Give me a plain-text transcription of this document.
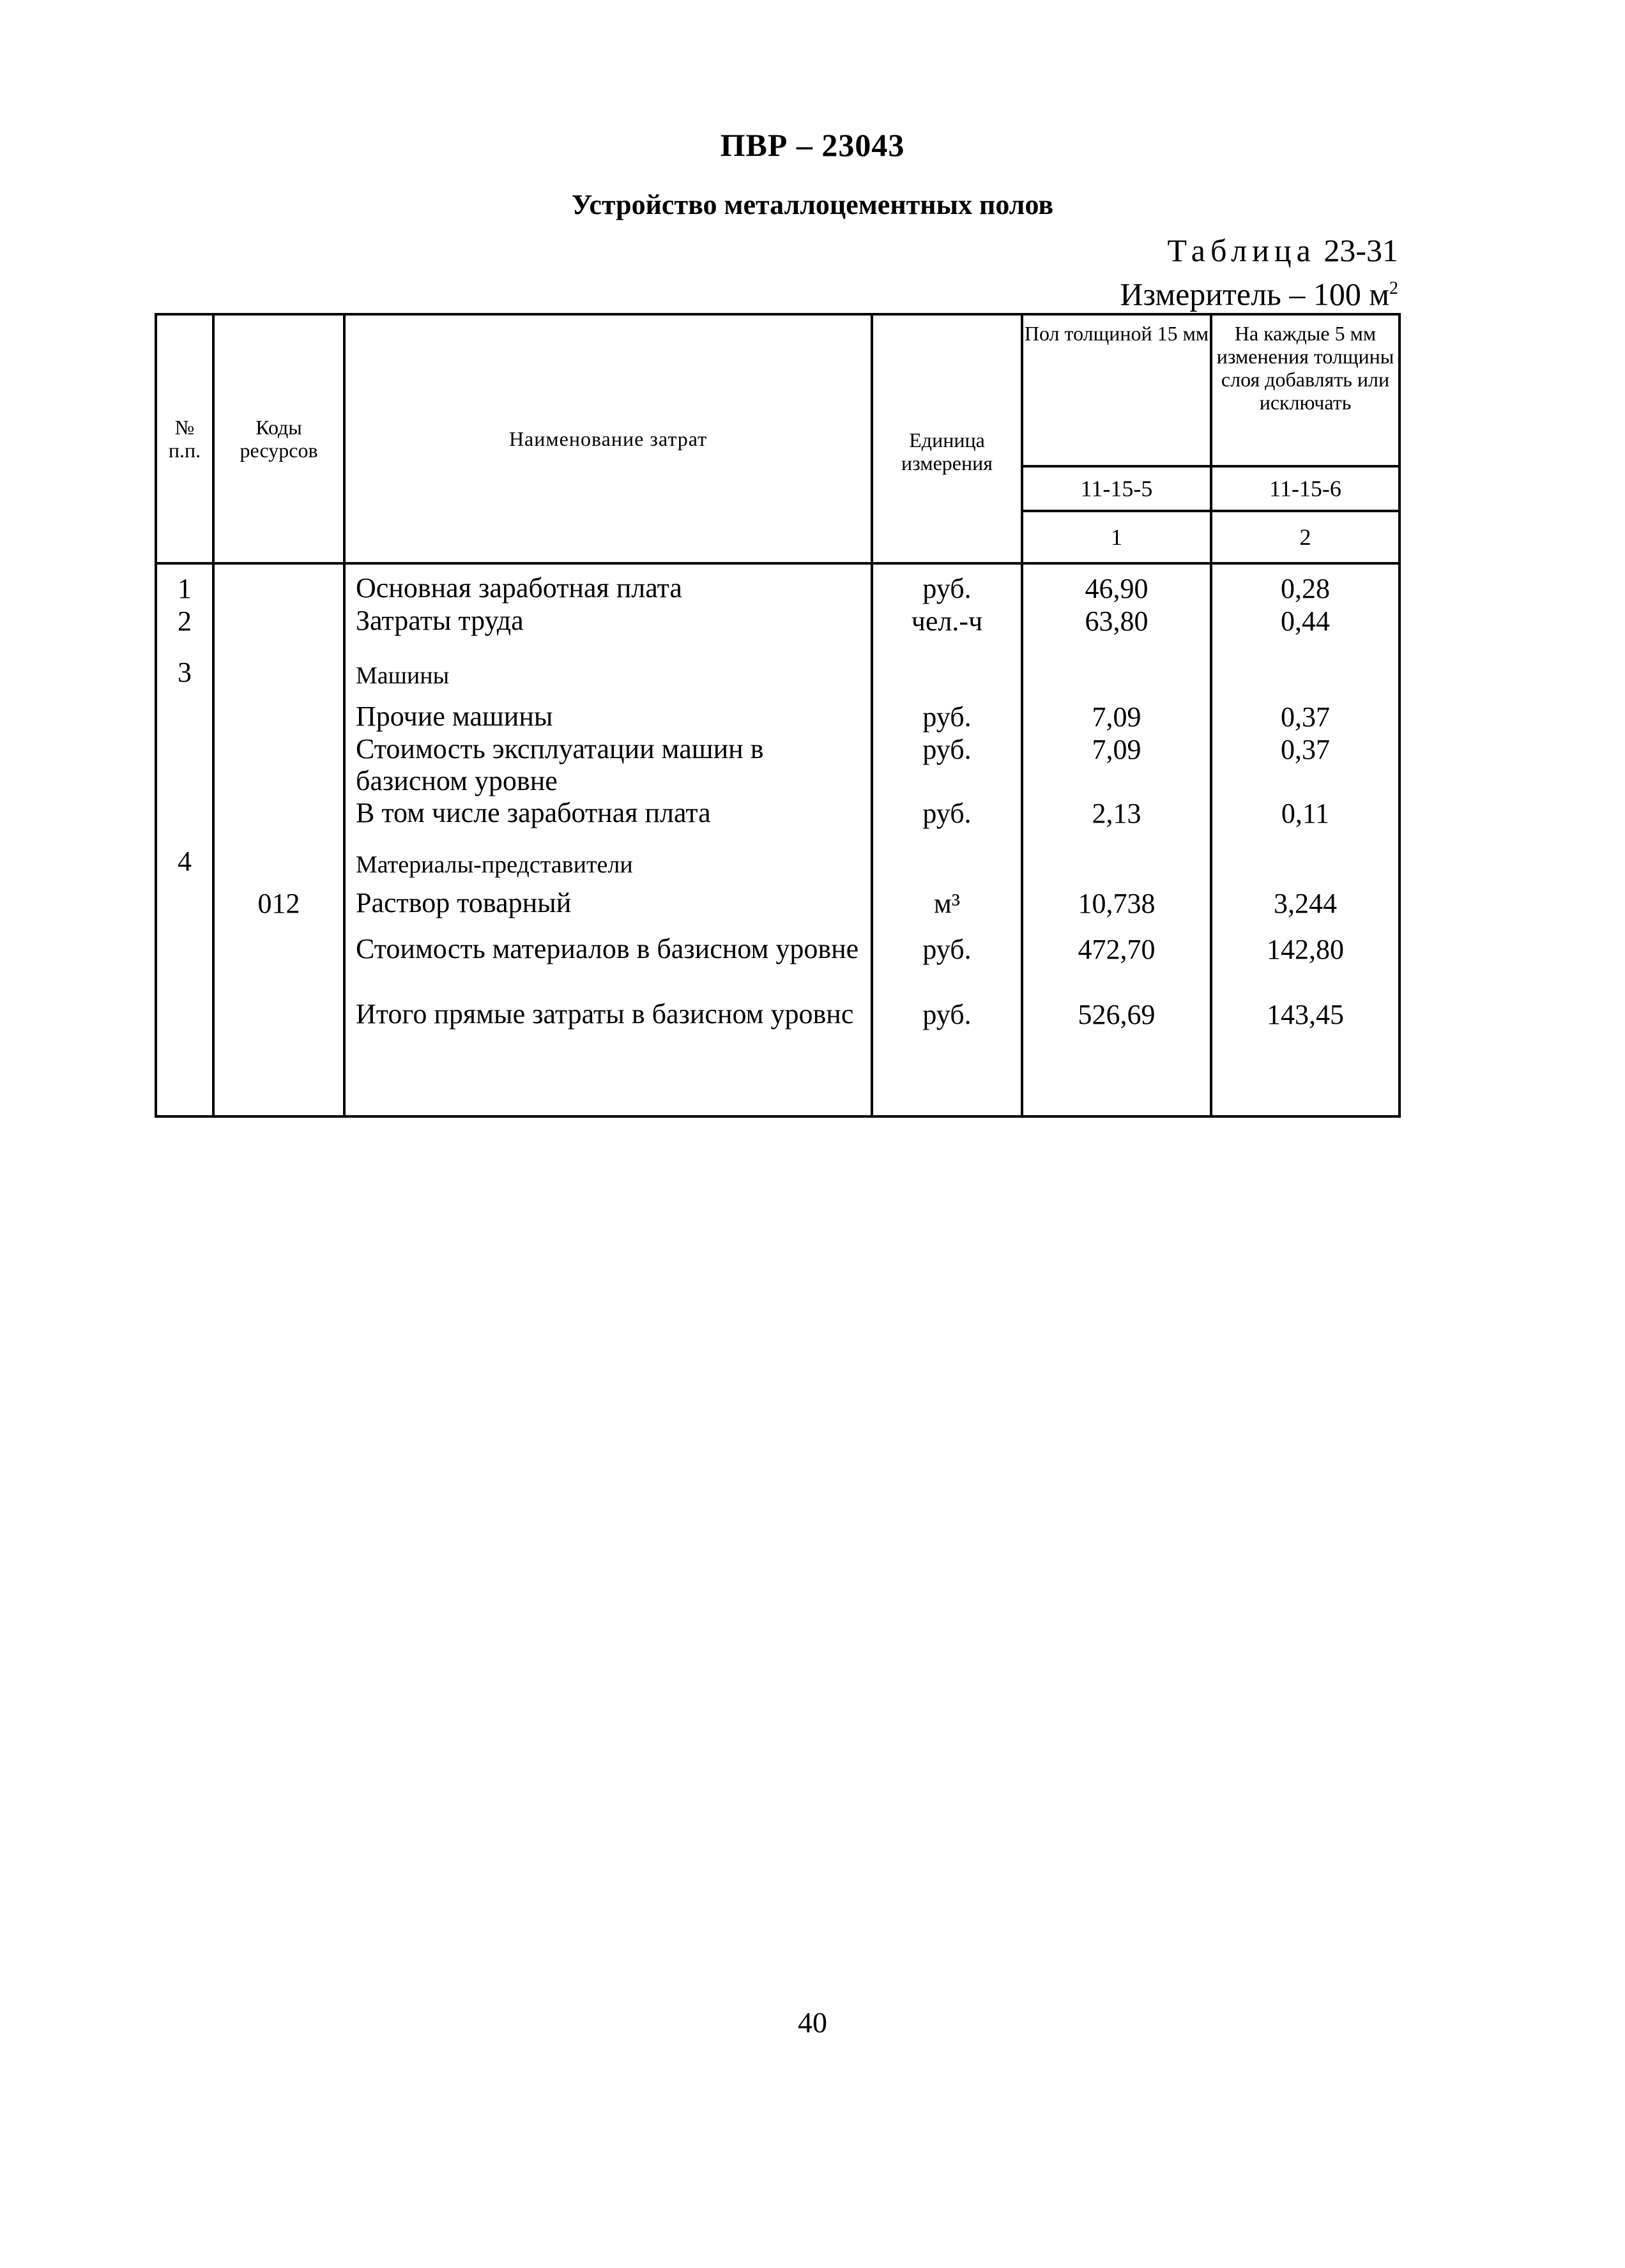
ПВР – 23043
Устройство металлоцементных полов
Таблица 23-31
Измеритель – 100 $м^2$
№ п.п.	Коды ресурсов	Наименование затрат	Единица измерения	Пол толщиной 15 мм	На каждые 5 мм изменения толщины слоя добавлять или исключать
				11-15-5	11-15-6
				1	2
1		Основная заработная плата	руб.	46,90	0,28
2		Затраты труда	чел.-ч	63,80	0,44
3		Машины			
		Прочие машины	руб.	7,09	0,37
		Стоимость эксплуатации машин в базисном уровне	руб.	7,09	0,37
		В том числе заработная плата	руб.	2,13	0,11
4		Материалы-представители			
	012	Раствор товарный	м³	10,738	3,244
		Стоимость материалов в базисном уровне	руб.	472,70	142,80
		Итого прямые затраты в базисном уровнс	руб.	526,69	143,45
40
